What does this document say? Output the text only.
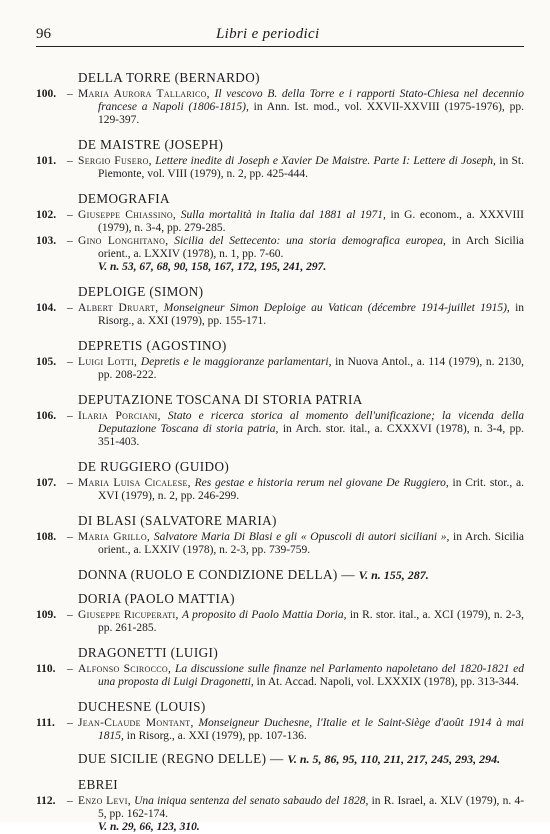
96	Libri e periodici
DELLA TORRE (BERNARDO)
100. – Maria Aurora Tallarico, Il vescovo B. della Torre e i rapporti Stato-Chiesa nel decennio francese a Napoli (1806-1815), in Ann. Ist. mod., vol. XXVII-XXVIII (1975-1976), pp. 129-397.
DE MAISTRE (JOSEPH)
101. – Sergio Fusero, Lettere inedite di Joseph e Xavier De Maistre. Parte I: Lettere di Joseph, in St. Piemonte, vol. VIII (1979), n. 2, pp. 425-444.
DEMOGRAFIA
102. – Giuseppe Chiassino, Sulla mortalità in Italia dal 1881 al 1971, in G. econom., a. XXXVIII (1979), n. 3-4, pp. 279-285.
103. – Gino Longhitano, Sicilia del Settecento: una storia demografica europea, in Arch Sicilia orient., a. LXXIV (1978), n. 1, pp. 7-60.
V. n. 53, 67, 68, 90, 158, 167, 172, 195, 241, 297.
DEPLOIGE (SIMON)
104. – Albert Druart, Monseigneur Simon Deploige au Vatican (décembre 1914-juillet 1915), in Risorg., a. XXI (1979), pp. 155-171.
DEPRETIS (AGOSTINO)
105. – Luigi Lotti, Depretis e le maggioranze parlamentari, in Nuova Antol., a. 114 (1979), n. 2130, pp. 208-222.
DEPUTAZIONE TOSCANA DI STORIA PATRIA
106. – Ilaria Porciani, Stato e ricerca storica al momento dell'unificazione; la vicenda della Deputazione Toscana di storia patria, in Arch. stor. ital., a. CXXXVI (1978), n. 3-4, pp. 351-403.
DE RUGGIERO (GUIDO)
107. – Maria Luisa Cicalese, Res gestae e historia rerum nel giovane De Ruggiero, in Crit. stor., a. XVI (1979), n. 2, pp. 246-299.
DI BLASI (SALVATORE MARIA)
108. – Maria Grillo, Salvatore Maria Di Blasi e gli « Opuscoli di autori siciliani », in Arch. Sicilia orient., a. LXXIV (1978), n. 2-3, pp. 739-759.
DONNA (RUOLO E CONDIZIONE DELLA) — V. n. 155, 287.
DORIA (PAOLO MATTIA)
109. – Giuseppe Ricuperati, A proposito di Paolo Mattia Doria, in R. stor. ital., a. XCI (1979), n. 2-3, pp. 261-285.
DRAGONETTI (LUIGI)
110.	– Alfonso Scirocco, La discussione sulle finanze nel Parlamento napoletano del 1820-1821 ed una proposta di Luigi Dragonetti, in At. Accad. Napoli, vol. LXXXIX (1978), pp. 313-344.
DUCHESNE (LOUIS)
111.	– Jean-Claude Montant, Monseigneur Duchesne, l'Italie et le Saint-Siège d'août 1914 à mai 1815, in Risorg., a. XXI (1979), pp. 107-136.
DUE SICILIE (REGNO DELLE) — V. n. 5, 86, 95, 110, 211, 217, 245, 293, 294.
EBREI
112.	– Enzo Levi, Una iniqua sentenza del senato sabaudo del 1828, in R. Israel, a. XLV (1979), n. 4-5, pp. 162-174.
V. n. 29, 66, 123, 310.
